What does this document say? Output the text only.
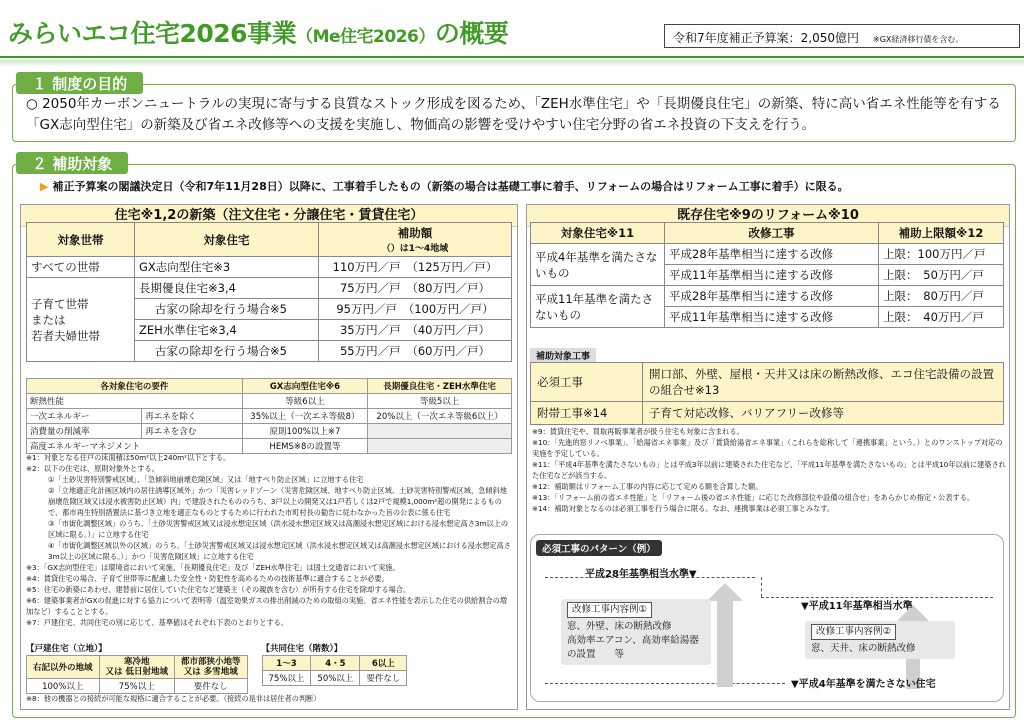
みらいエコ住宅2026事業（Me住宅2026）の概要	令和7年度補正予算案：2,050億円 ※GX経済移行債を含む。
１ 制度の目的
○ 2050年カーボンニュートラルの実現に寄与する良質なストック形成を図るため、「ZEH水準住宅」や「長期優良住宅」の新築、特に高い省エネ性能等を有する「GX志向型住宅」の新築及び省エネ改修等への支援を実施し、物価高の影響を受けやすい住宅分野の省エネ投資の下支えを行う。
２ 補助対象
▶ 補正予算案の閣議決定日（令和7年11月28日）以降に、工事着手したもの（新築の場合は基礎工事に着手、リフォームの場合はリフォーム工事に着手）に限る。
住宅※1,2の新築（注文住宅・分譲住宅・賃貸住宅）
対象世帯	対象住宅	補助額
（）は1～4地域

すべての世帯	GX志向型住宅※3	110万円／戸　（125万円／戸）
子育て世帯
または
若者夫婦世帯	長期優良住宅※3,4	75万円／戸　（80万円／戸）
	古家の除却を行う場合※5	95万円／戸　（100万円／戸）
	ZEH水準住宅※3,4	35万円／戸　（40万円／戸）
	古家の除却を行う場合※5	55万円／戸　（60万円／戸）
各対象住宅の要件		GX志向型住宅※6	長期優良住宅・ZEH水準住宅
断熱性能		等級6以上	等級5以上
一次エネルギー	再エネを除く	35%以上（一次エネ等級8）	20%以上（一次エネ等級6以上）
消費量の削減率	再エネを含む	原則100%以上※7	
高度エネルギーマネジメント		HEMS※8の設置等	
※1：対象となる住戸の床面積は50m²以上240m²以下とする。
※2：以下の住宅は、原則対象外とする。
①「土砂災害特別警戒区域」、「急傾斜地崩壊危険区域」又は「地すべり防止区域」に立地する住宅
②「立地適正化計画区域内の居住誘導区域外」かつ「災害レッドゾーン（災害危険区域、地すべり防止区域、土砂災害特別警戒区域、急傾斜地崩壊危険区域又は浸水被害防止区域）内」で建設されたもののうち、3戸以上の開発又は1戸若しくは2戸で規模1,000m²超の開発によるもので、都市再生特別措置法に基づき立地を適正なものとするために行われた市町村長の勧告に従わなかった旨の公表に係る住宅
③「市街化調整区域」のうち、「土砂災害警戒区域又は浸水想定区域（洪水浸水想定区域又は高潮浸水想定区域における浸水想定高さ3m以上の区域に限る。）」に立地する住宅
④「市街化調整区域以外の区域」のうち、「土砂災害警戒区域又は浸水想定区域（洪水浸水想定区域又は高潮浸水想定区域における浸水想定高さ3m以上の区域に限る。）」かつ「災害危険区域」に立地する住宅
※3：「GX志向型住宅」は環境省において実施、「長期優良住宅」及び「ZEH水準住宅」は国土交通省において実施。
※4：賃貸住宅の場合、子育て世帯等に配慮した安全性・防犯性を高めるための技術基準に適合することが必要。
※5：住宅の新築にあわせ、建替前に居住していた住宅など建築主（その親族を含む）が所有する住宅を除却する場合。
※6：建築事業者がGXの促進に対する協力について表明等（温室効果ガスの排出削減のための取組の実施、省エネ性能を表示した住宅の供給割合の増加など）することとする。
※7：戸建住宅、共同住宅の別に応じて、基準値はそれぞれ下表のとおりとする。
【戸建住宅（立地）】
右記以外の地域	寒冷地
又は 低日射地域	都市部狭小地等
又は 多雪地域
100%以上	75%以上	要件なし
【共同住宅（階数）】
1～3	4・5	6以上
75%以上	50%以上	要件なし
※8：他の機器との接続が可能な規格に適合することが必要。（接続の是非は居住者の判断）
既存住宅※9のリフォーム※10
対象住宅※11	改修工事	補助上限額※12
平成4年基準を満たさないもの	平成28年基準相当に達する改修	上限：100万円／戸
	平成11年基準相当に達する改修	上限：　50万円／戸
平成11年基準を満たさないもの	平成28年基準相当に達する改修	上限：　80万円／戸
	平成11年基準相当に達する改修	上限：　40万円／戸
補助対象工事
必須工事	開口部、外壁、屋根・天井又は床の断熱改修、エコ住宅設備の設置の組合せ※13
附帯工事※14	子育て対応改修、バリアフリー改修等
※9：賃貸住宅や、買取再販事業者が扱う住宅も対象に含まれる。
※10：「先進的窓リノベ事業」、「給湯省エネ事業」及び「賃貸給湯省エネ事業」（これらを総称して「連携事業」という。）とのワンストップ対応の実施を予定している。
※11：「平成4年基準を満たさないもの」とは平成3年以前に建築された住宅など、「平成11年基準を満たさないもの」とは平成10年以前に建築された住宅などが該当する。
※12：補助額はリフォーム工事の内容に応じて定める額を合算した額。
※13：「リフォーム前の省エネ性能」と「リフォーム後の省エネ性能」に応じた改修部位や設備の組合せ」をあらかじめ指定・公表する。
※14：補助対象となるのは必須工事を行う場合に限る。なお、連携事業は必須工事とみなす。
平成28年基準相当水準▼
▼平成11年基準相当水準
▼平成4年基準を満たさない住宅
改修工事内容例①
窓、外壁、床の断熱改修
高効率エアコン、高効率給湯器の設置　　等
改修工事内容例②
窓、天井、床の断熱改修
必須工事のパターン（例）
